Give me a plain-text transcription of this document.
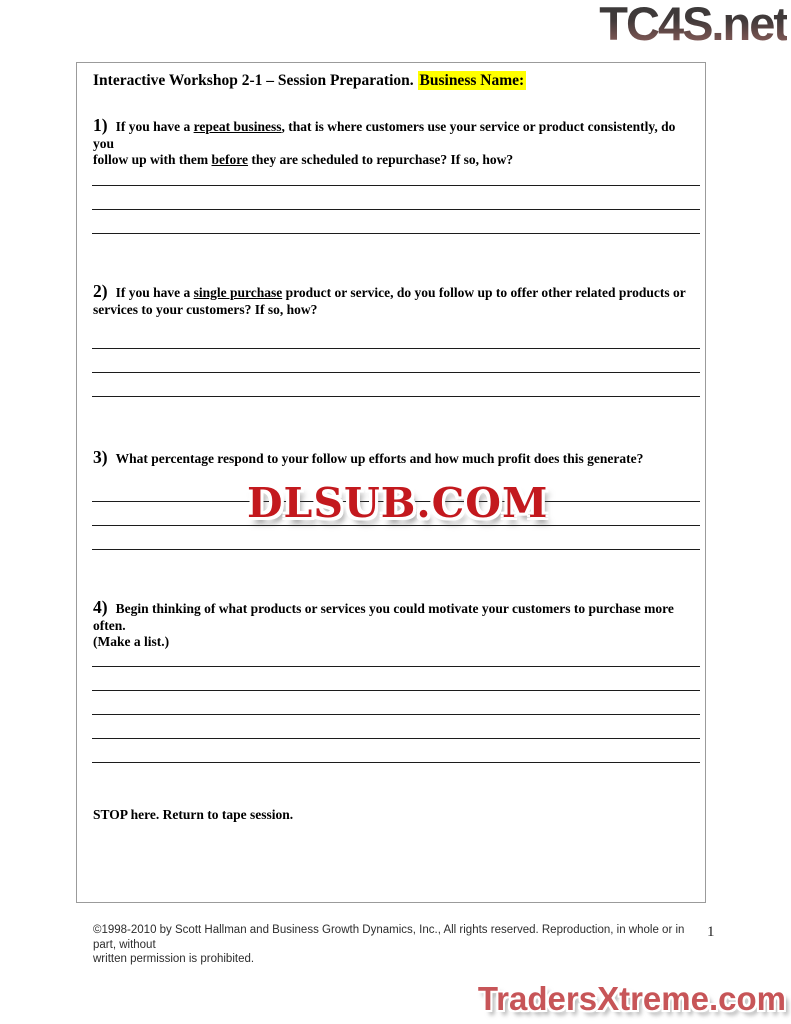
TC4S.net
Interactive Workshop 2-1 – Session Preparation. Business Name:
1) If you have a repeat business, that is where customers use your service or product consistently, do you
follow up with them before they are scheduled to repurchase? If so, how?
2) If you have a single purchase product or service, do you follow up to offer other related products or
services to your customers? If so, how?
3) What percentage respond to your follow up efforts and how much profit does this generate?
4) Begin thinking of what products or services you could motivate your customers to purchase more often.
(Make a list.)
STOP here. Return to tape session.
DLSUB.COM
©1998-2010 by Scott Hallman and Business Growth Dynamics, Inc., All rights reserved. Reproduction, in whole or in part, without
written permission is prohibited.
1
TradersXtreme.com
